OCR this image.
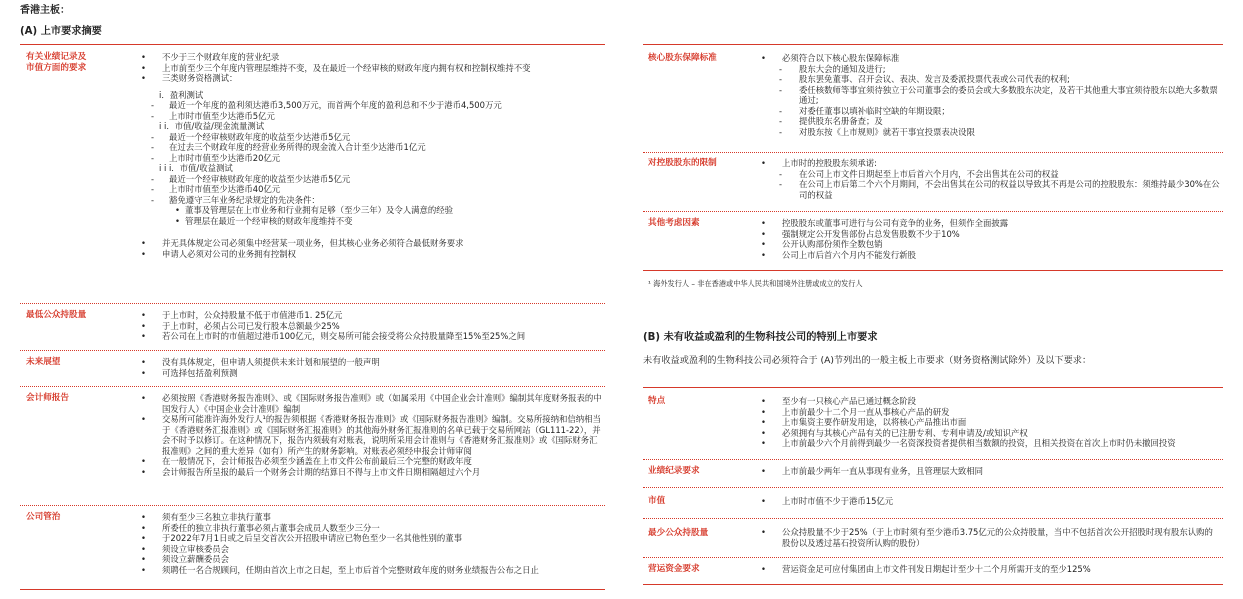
香港主板：
(A) 上市要求摘要
有关业绩记录及
市值方面的要求
• 不少于三个财政年度的营业纪录
• 上市前至少三个年度内管理层维持不变，及在最近一个经审核的财政年度内拥有权和控制权维持不变
• 三类财务资格测试：
i．盈利测试
- 最近一个年度的盈利须达港币3,500万元，而首两个年度的盈利总和不少于港币4,500万元
- 上市时市值至少达港币5亿元
i i．市值/收益/现金流量测试
- 最近一个经审核财政年度的收益至少达港币5亿元
- 在过去三个财政年度的经营业务所得的现金流入合计至少达港币1亿元
- 上市时市值至少达港币20亿元
i i i．市值/收益测试
- 最近一个经审核财政年度的收益至少达港币5亿元
- 上市时市值至少达港币40亿元
- 豁免遵守三年业务纪录规定的先决条件：
• 董事及管理层在上市业务和行业拥有足够（至少三年）及令人满意的经验
• 管理层在最近一个经审核的财政年度维持不变
• 并无具体规定公司必须集中经营某一项业务，但其核心业务必须符合最低财务要求
• 申请人必须对公司的业务拥有控制权
最低公众持股量	• 于上市时，公众持股量不低于市值港币1. 25亿元
• 于上市时，必须占公司已发行股本总额最少25%
• 若公司在上市时的市值超过港币100亿元，则交易所可能会接受将公众持股量降至15%至25%之间
未来展望	• 没有具体规定，但申请人须提供未来计划和展望的一般声明
• 可选择包括盈利预测
会计师报告	• 必须按照《香港财务报告准则》、或《国际财务报告准则》或（如属采用《中国企业会计准则》编制其年度财务报表的中国发行人）《中国企业会计准则》编制
• 交易所可能准许海外发行人¹的报告须根据《香港财务报告准则》或《国际财务报告准则》编制。交易所接纳和信纳相当于《香港财务汇报准则》或《国际财务汇报准则》的其他海外财务汇报准则的名单已载于交易所网站（GL111-22），并会不时予以修订。在这种情况下，报告内须载有对账表，说明所采用会计准则与《香港财务汇报准则》或《国际财务汇报准则》之间的重大差异（如有）所产生的财务影响。对账表必须经申报会计师审阅
• 在一般情况下，会计师报告必须至少涵盖在上市文件公布前最后三个完整的财政年度
• 会计师报告所呈报的最后一个财务会计期的结算日不得与上市文件日期相隔超过六个月
公司管治	• 须有至少三名独立非执行董事
• 所委任的独立非执行董事必须占董事会成员人数至少三分一
• 于2022年7月1日或之后呈交首次公开招股申请应已物色至少一名其他性别的董事
• 须设立审核委员会
• 须设立薪酬委员会
• 须聘任一名合规顾问，任期由首次上市之日起，至上市后首个完整财政年度的财务业绩报告公布之日止
核心股东保障标准	• 必须符合以下核心股东保障标准
- 股东大会的通知及进行;
- 股东罢免董事、召开会议、表决、发言及委派投票代表或公司代表的权利;
- 委任核数师等事宜须待独立于公司董事会的委员会或大多数股东决定，及若干其他重大事宜须待股东以绝大多数票通过;
- 对委任董事以填补临时空缺的年期设限；
- 提供股东名册备查；及
- 对股东按《上市规则》就若干事宜投票表决设限
对控股股东的限制	• 上市时的控股股东须承诺:
- 在公司上市文件日期起至上市后首六个月内，不会出售其在公司的权益
- 在公司上市后第二个六个月期间，不会出售其在公司的权益以导致其不再是公司的控股股东：须维持最少30%在公司的权益
其他考虑因素	• 控股股东或董事可进行与公司有竞争的业务，但须作全面披露
• 强制规定公开发售部份占总发售股数不少于10%
• 公开认购部份须作全数包销
• 公司上市后首六个月内不能发行新股
¹ 海外发行人 – 非在香港或中华人民共和国境外注册或成立的发行人
(B) 未有收益或盈利的生物科技公司的特别上市要求
未有收益或盈利的生物科技公司必须符合于 (A)节列出的一般主板上市要求（财务资格测试除外）及以下要求：
特点	• 至少有一只核心产品已通过概念阶段
• 上市前最少十二个月一直从事核心产品的研发
• 上市集资主要作研发用途，以将核心产品推出市面
• 必须拥有与其核心产品有关的已注册专利、专利申请及/或知识产权
• 上市前最少六个月前得到最少一名资深投资者提供相当数额的投资，且相关投资在首次上市时仍未撤回投资
业绩纪录要求	• 上市前最少两年一直从事现有业务，且管理层大致相同
市值	• 上市时市值不少于港币15亿元
最少公众持股量	• 公众持股量不少于25%（于上市时须有至少港币3.75亿元的公众持股量，当中不包括首次公开招股时现有股东认购的股份以及透过基石投资所认购的股份）
营运资金要求	• 营运资金足可应付集团由上市文件刊发日期起计至少十二个月所需开支的至少125%
